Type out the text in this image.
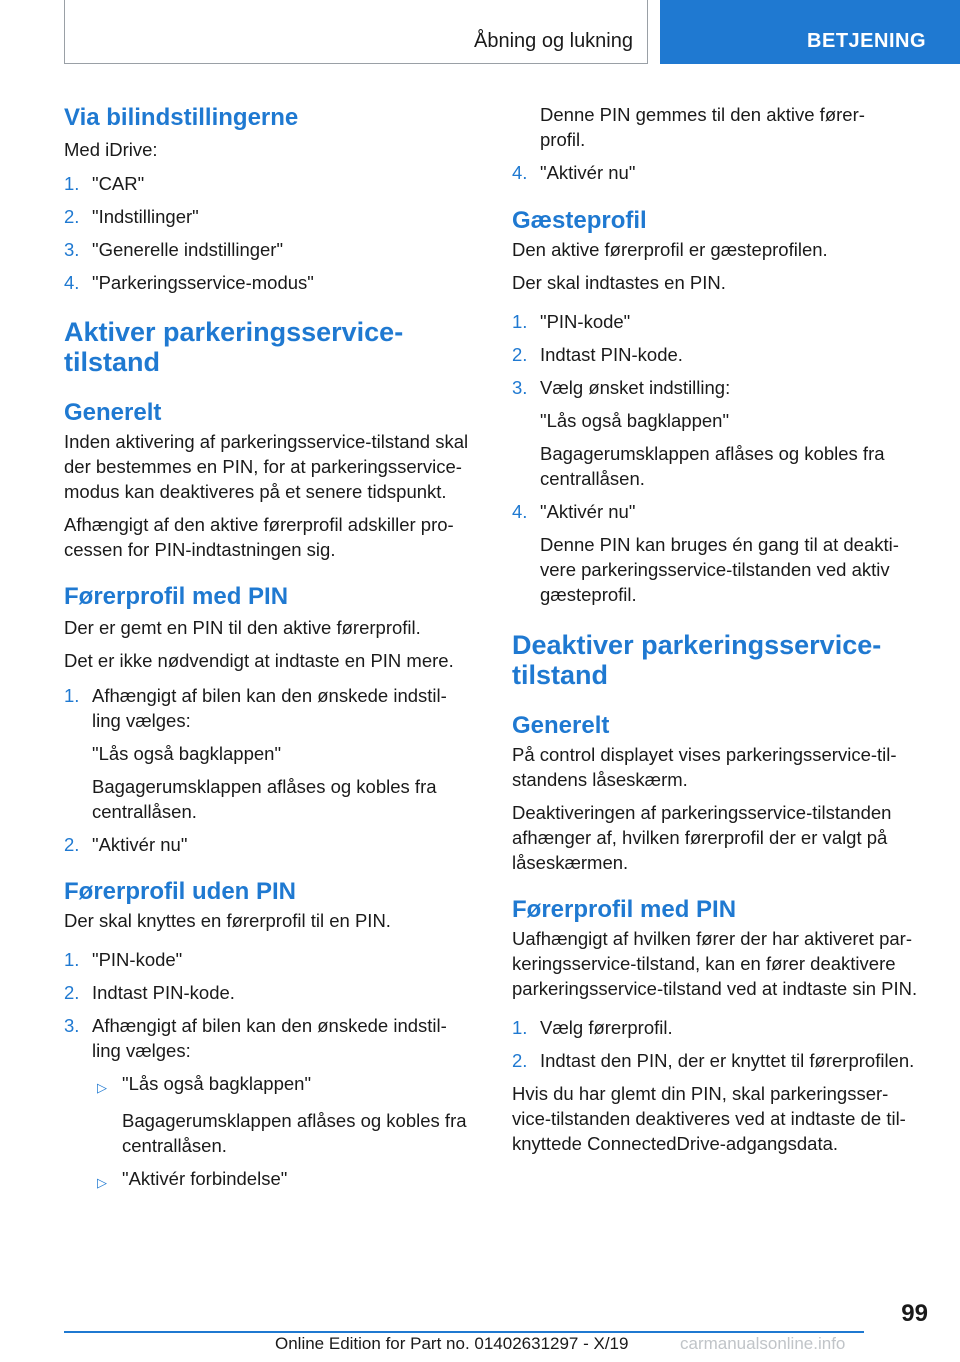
Åbning og lukning	BETJENING
Via bilindstillingerne
Med iDrive:
1. "CAR"
2. "Indstillinger"
3. "Generelle indstillinger"
4. "Parkeringsservice-modus"
Aktiver parkeringsservice-
tilstand
Generelt
Inden aktivering af parkeringsservice-tilstand skal
der bestemmes en PIN, for at parkeringsservice-
modus kan deaktiveres på et senere tidspunkt.
Afhængigt af den aktive førerprofil adskiller pro-
cessen for PIN-indtastningen sig.
Førerprofil med PIN
Der er gemt en PIN til den aktive førerprofil.
Det er ikke nødvendigt at indtaste en PIN mere.
1. Afhængigt af bilen kan den ønskede indstil-
ling vælges:
"Lås også bagklappen"
Bagagerumsklappen aflåses og kobles fra
centrallåsen.
2. "Aktivér nu"
Førerprofil uden PIN
Der skal knyttes en førerprofil til en PIN.
1. "PIN-kode"
2. Indtast PIN-kode.
3. Afhængigt af bilen kan den ønskede indstil-
ling vælges:
▷ "Lås også bagklappen"
Bagagerumsklappen aflåses og kobles fra
centrallåsen.
▷ "Aktivér forbindelse"
Denne PIN gemmes til den aktive fører-
profil.
4. "Aktivér nu"
Gæsteprofil
Den aktive førerprofil er gæsteprofilen.
Der skal indtastes en PIN.
1. "PIN-kode"
2. Indtast PIN-kode.
3. Vælg ønsket indstilling:
"Lås også bagklappen"
Bagagerumsklappen aflåses og kobles fra
centrallåsen.
4. "Aktivér nu"
Denne PIN kan bruges én gang til at deakti-
vere parkeringsservice-tilstanden ved aktiv
gæsteprofil.
Deaktiver parkeringsservice-
tilstand
Generelt
På control displayet vises parkeringsservice-til-
standens låseskærm.
Deaktiveringen af parkeringsservice-tilstanden
afhænger af, hvilken førerprofil der er valgt på
låseskærmen.
Førerprofil med PIN
Uafhængigt af hvilken fører der har aktiveret par-
keringsservice-tilstand, kan en fører deaktivere
parkeringsservice-tilstand ved at indtaste sin PIN.
1. Vælg førerprofil.
2. Indtast den PIN, der er knyttet til førerprofilen.
Hvis du har glemt din PIN, skal parkeringsser-
vice-tilstanden deaktiveres ved at indtaste de til-
knyttede ConnectedDrive-adgangsdata.
99
Online Edition for Part no. 01402631297 - X/19	carmanualsonline.info
